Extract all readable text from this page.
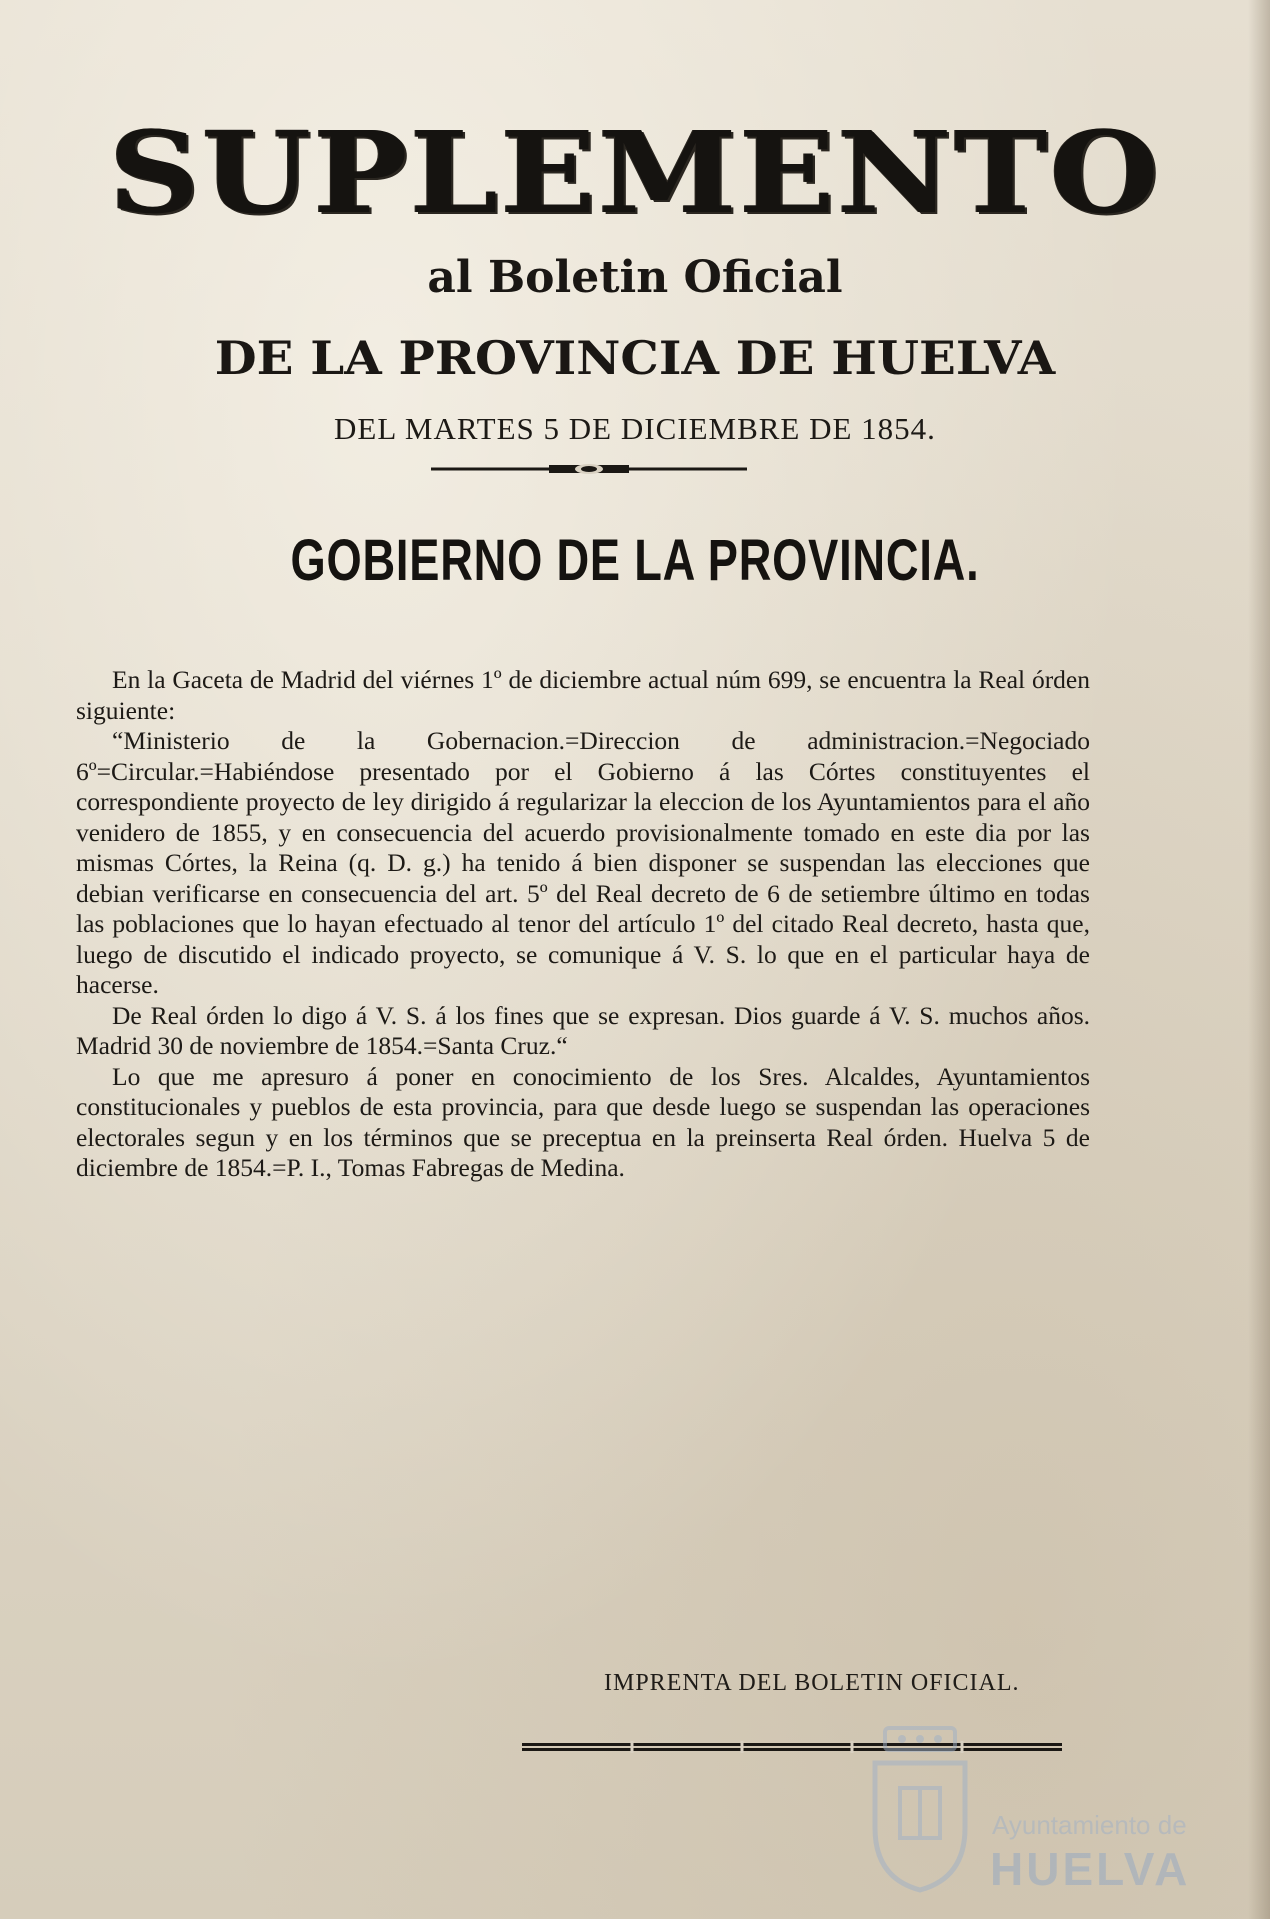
SUPLEMENTO
al Boletin Oficial
DE LA PROVINCIA DE HUELVA
DEL MARTES 5 DE DICIEMBRE DE 1854.
GOBIERNO DE LA PROVINCIA.

En la Gaceta de Madrid del viérnes 1º de diciembre actual núm 699, se encuentra la Real órden siguiente:

“Ministerio de la Gobernacion.=Direccion de administracion.=Negociado 6º=Circular.=Habiéndose presentado por el Gobierno á las Córtes constituyentes el correspondiente proyecto de ley dirigido á regularizar la eleccion de los Ayuntamientos para el año venidero de 1855, y en consecuencia del acuerdo provisionalmente tomado en este dia por las mismas Córtes, la Reina (q. D. g.) ha tenido á bien disponer se suspendan las elecciones que debian verificarse en consecuencia del art. 5º del Real decreto de 6 de setiembre último en todas las poblaciones que lo hayan efectuado al tenor del artículo 1º del citado Real decreto, hasta que, luego de discutido el indicado proyecto, se comunique á V. S. lo que en el particular haya de hacerse.

De Real órden lo digo á V. S. á los fines que se expresan. Dios guarde á V. S. muchos años. Madrid 30 de noviembre de 1854.=Santa Cruz.“

Lo que me apresuro á poner en conocimiento de los Sres. Alcaldes, Ayuntamientos constitucionales y pueblos de esta provincia, para que desde luego se suspendan las operaciones electorales segun y en los términos que se preceptua en la preinserta Real órden. Huelva 5 de diciembre de 1854.=P. I., Tomas Fabregas de Medina.

IMPRENTA DEL BOLETIN OFICIAL.
Ayuntamiento de
HUELVA
